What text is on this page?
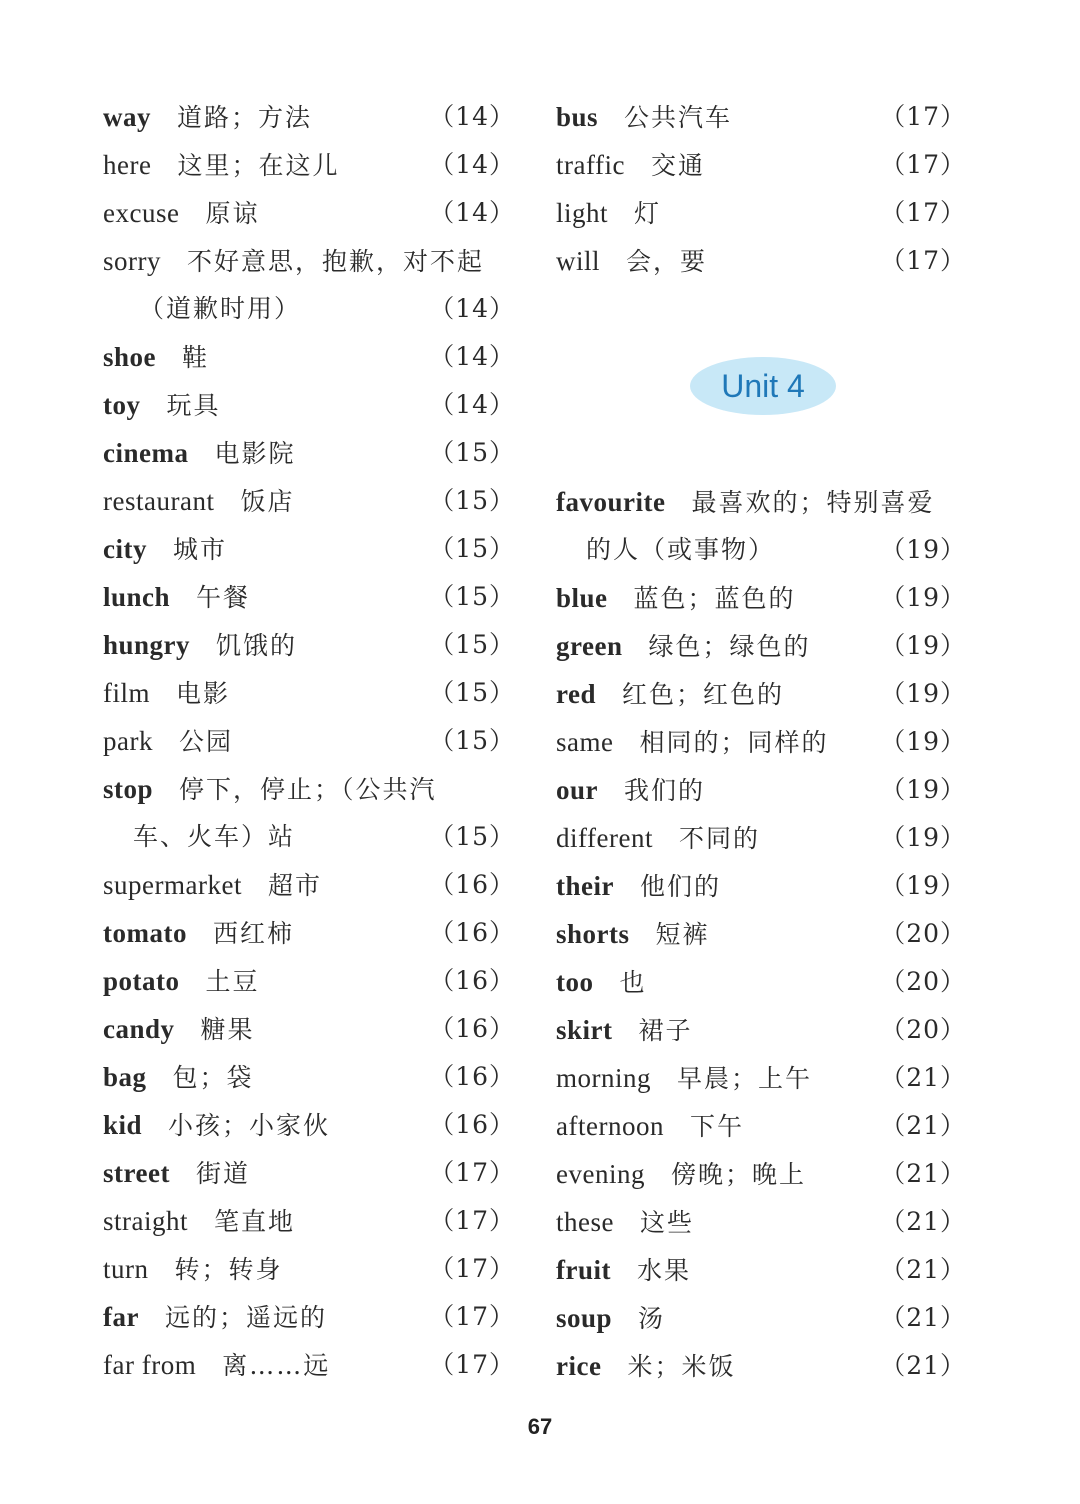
way 道路；方法	（14）
here 这里；在这儿	（14）
excuse 原谅	（14）
sorry 不好意思，抱歉，对不起
（道歉时用）	（14）
shoe 鞋	（14）
toy 玩具	（14）
cinema 电影院	（15）
restaurant 饭店	（15）
city 城市	（15）
lunch 午餐	（15）
hungry 饥饿的	（15）
film 电影	（15）
park 公园	（15）
stop 停下，停止；（公共汽
车、火车）站	（15）
supermarket 超市	（16）
tomato 西红柿	（16）
potato 土豆	（16）
candy 糖果	（16）
bag 包；袋	（16）
kid 小孩；小家伙	（16）
street 街道	（17）
straight 笔直地	（17）
turn 转；转身	（17）
far 远的；遥远的	（17）
far from 离……远	（17）
bus 公共汽车	（17）
traffic 交通	（17）
light 灯	（17）
will 会，要	（17）
Unit 4
favourite 最喜欢的；特别喜爱
的人（或事物）	（19）
blue 蓝色；蓝色的	（19）
green 绿色；绿色的	（19）
red 红色；红色的	（19）
same 相同的；同样的 （19）
our 我们的	（19）
different 不同的	（19）
their 他们的	（19）
shorts 短裤	（20）
too 也	（20）
skirt 裙子	（20）
morning 早晨；上午	（21）
afternoon 下午	（21）
evening 傍晚；晚上	（21）
these 这些	（21）
fruit 水果	（21）
soup 汤	（21）
rice 米；米饭	（21）
67
